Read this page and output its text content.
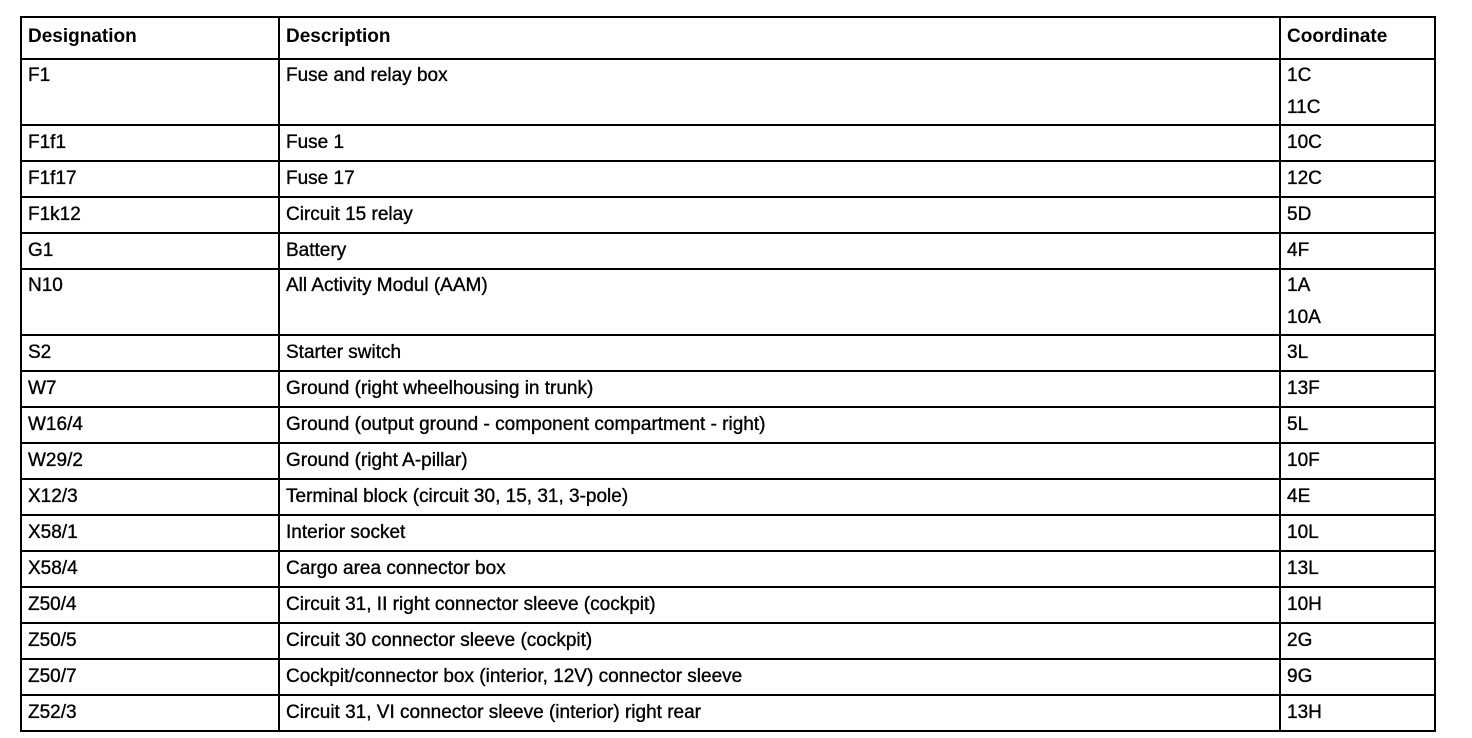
Designation	Description	Coordinate
F1	Fuse and relay box	1C
11C

F1f1	Fuse 1	10C

F1f17	Fuse 17	12C

F1k12	Circuit 15 relay	5D

G1	Battery	4F

N10	All Activity Modul (AAM)	1A
10A

S2	Starter switch	3L

W7	Ground (right wheelhousing in trunk)	13F

W16/4	Ground (output ground - component compartment - right)	5L

W29/2	Ground (right A-pillar)	10F

X12/3	Terminal block (circuit 30, 15, 31, 3-pole)	4E

X58/1	Interior socket	10L

X58/4	Cargo area connector box	13L

Z50/4	Circuit 31, II right connector sleeve (cockpit)	10H

Z50/5	Circuit 30 connector sleeve (cockpit)	2G

Z50/7	Cockpit/connector box (interior, 12V) connector sleeve	9G

Z52/3	Circuit 31, VI connector sleeve (interior) right rear	13H
